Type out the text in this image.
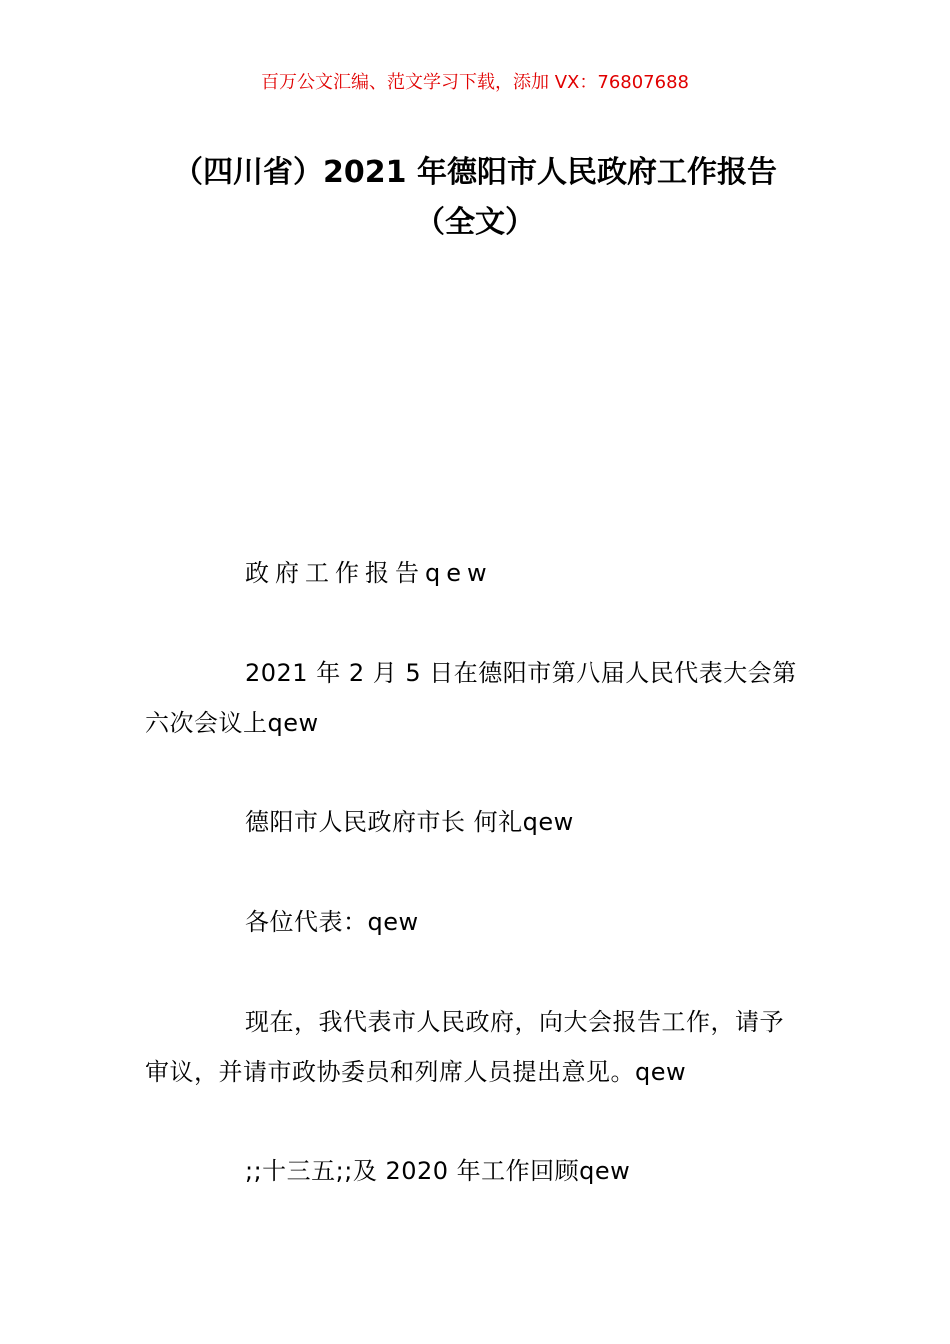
百万公文汇编、范文学习下载，添加 VX：76807688
（四川省）2021 年德阳市人民政府工作报告（全文）
政府工作报告qew
2021 年 2 月 5 日在德阳市第八届人民代表大会第六次会议上qew
德阳市人民政府市长 何礼qew
各位代表：qew
现在，我代表市人民政府，向大会报告工作，请予审议，并请市政协委员和列席人员提出意见。qew
;;十三五;;及 2020 年工作回顾qew
